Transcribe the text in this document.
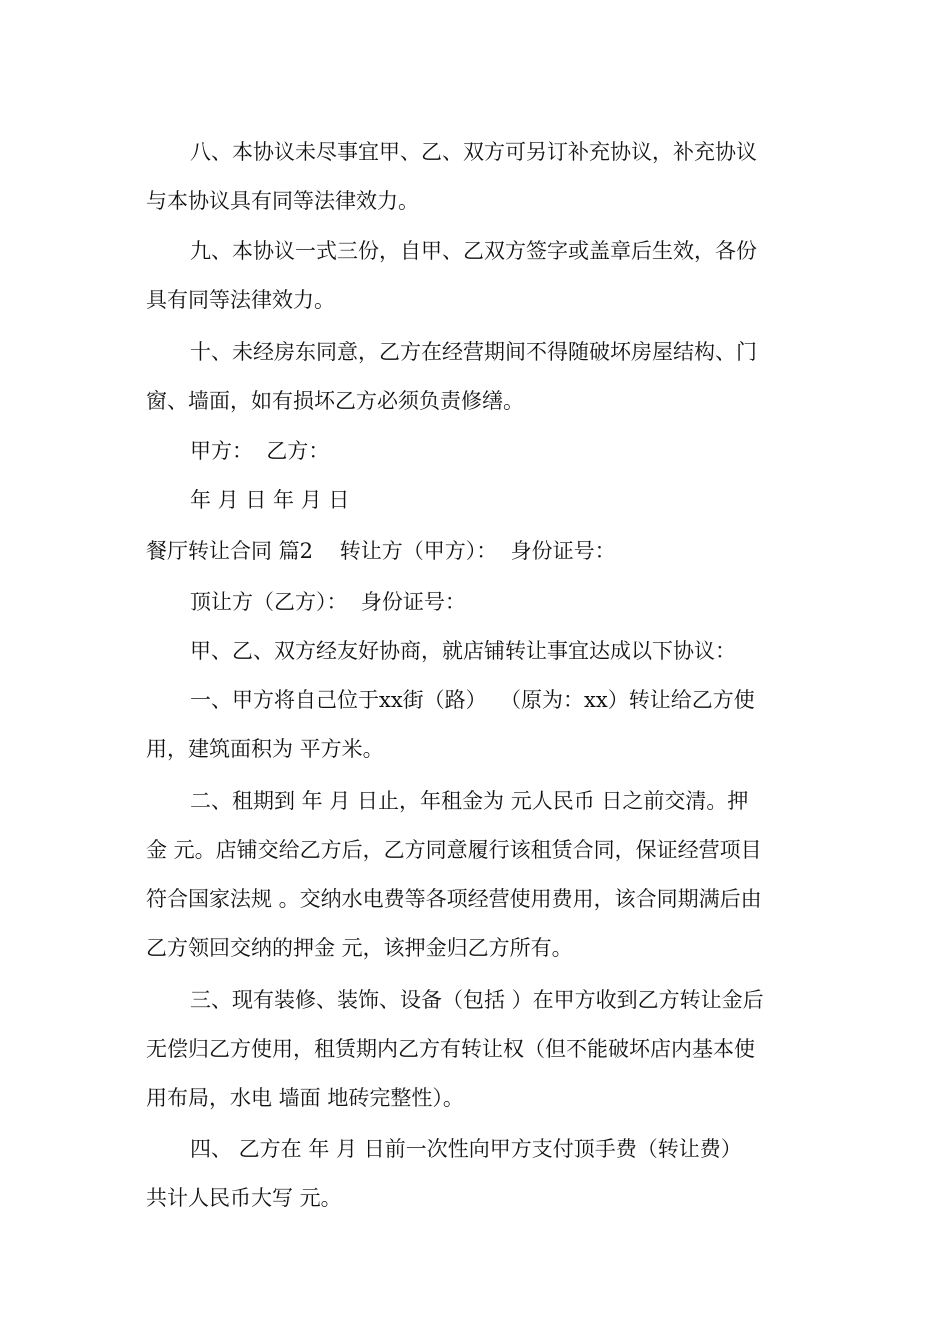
八、本协议未尽事宜甲、乙、双方可另订补充协议，补充协议
与本协议具有同等法律效力。
九、本协议一式三份，自甲、乙双方签字或盖章后生效，各份
具有同等法律效力。
十、未经房东同意，乙方在经营期间不得随破坏房屋结构、门
窗、墙面，如有损坏乙方必须负责修缮。
甲方：  乙方：
年 月 日 年 月 日
餐厅转让合同 篇2    转让方（甲方）：  身份证号：
顶让方（乙方）：  身份证号：
甲、乙、双方经友好协商，就店铺转让事宜达成以下协议：
一、甲方将自己位于xx街（路）  （原为：xx）转让给乙方使
用，建筑面积为 平方米。
二、租期到 年 月 日止，年租金为 元人民币 日之前交清。押
金 元。店铺交给乙方后，乙方同意履行该租赁合同，保证经营项目
符合国家法规 。交纳水电费等各项经营使用费用，该合同期满后由
乙方领回交纳的押金 元，该押金归乙方所有。
三、现有装修、装饰、设备（包括 ）在甲方收到乙方转让金后
无偿归乙方使用，租赁期内乙方有转让权（但不能破坏店内基本使
用布局，水电 墙面 地砖完整性）。
四、 乙方在 年 月 日前一次性向甲方支付顶手费（转让费）
共计人民币大写 元。
